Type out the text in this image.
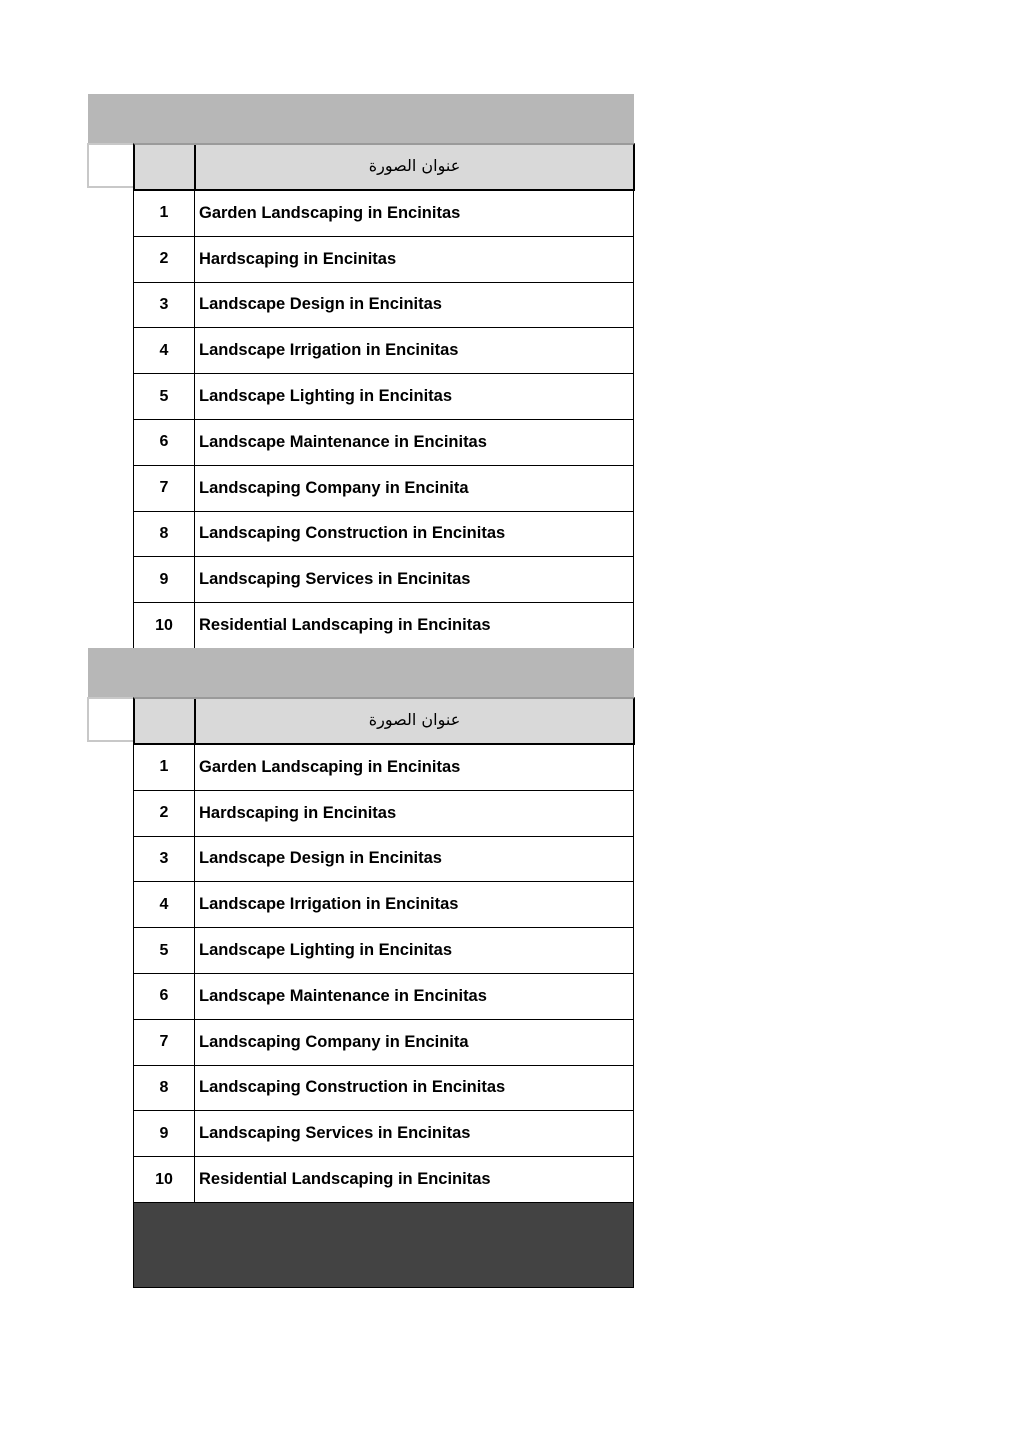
عنوان الصورة
1	Garden Landscaping in Encinitas
2	Hardscaping in Encinitas
3	Landscape Design in Encinitas
4	Landscape Irrigation in Encinitas
5	Landscape Lighting in Encinitas
6	Landscape Maintenance in Encinitas
7	Landscaping Company in Encinita
8	Landscaping Construction in Encinitas
9	Landscaping Services in Encinitas
10	Residential Landscaping in Encinitas
عنوان الصورة
1	Garden Landscaping in Encinitas
2	Hardscaping in Encinitas
3	Landscape Design in Encinitas
4	Landscape Irrigation in Encinitas
5	Landscape Lighting in Encinitas
6	Landscape Maintenance in Encinitas
7	Landscaping Company in Encinita
8	Landscaping Construction in Encinitas
9	Landscaping Services in Encinitas
10	Residential Landscaping in Encinitas
